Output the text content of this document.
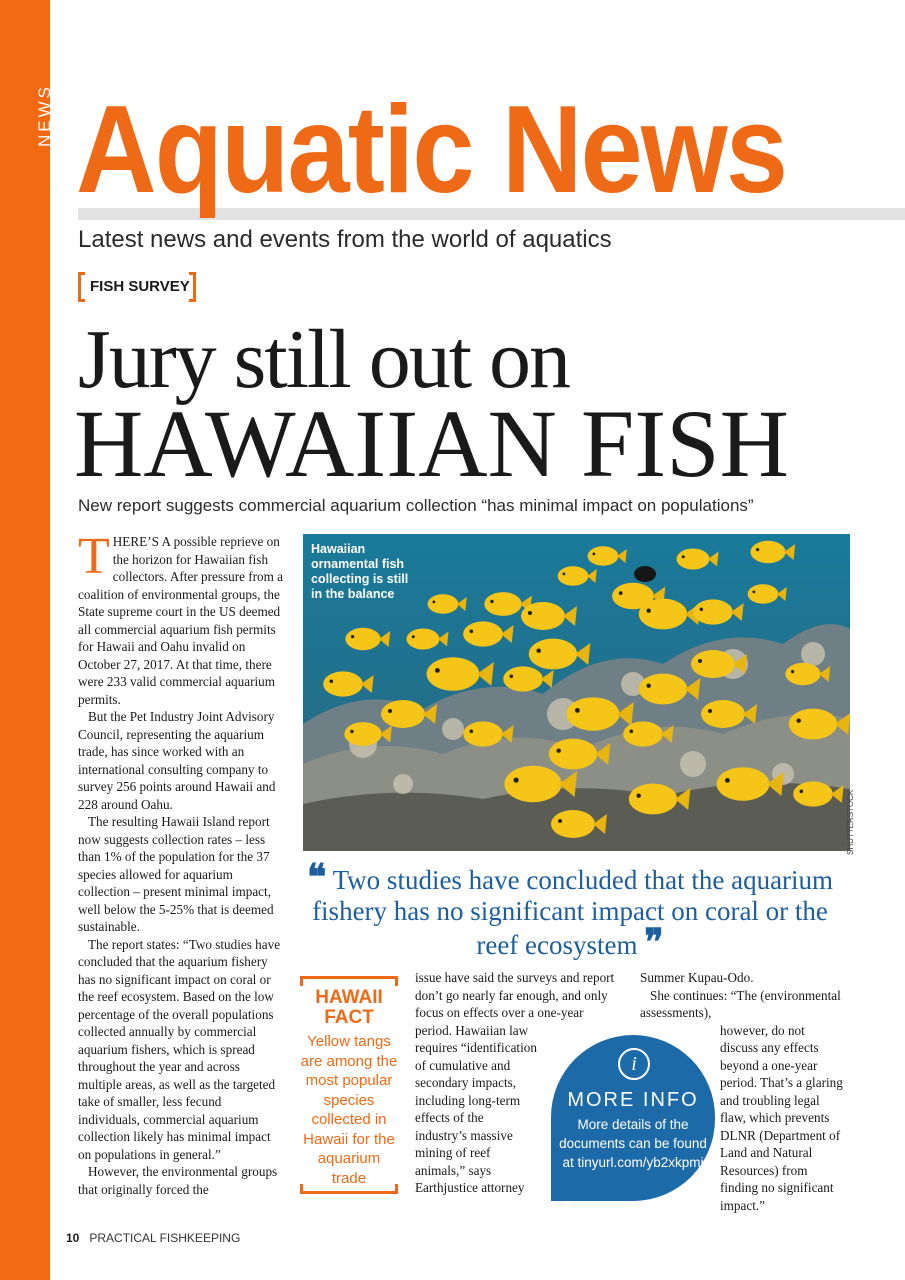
NEWS Aquatic News
Latest news and events from the world of aquatics
FISH SURVEY
Jury still out on
HAWAIIAN FISH
New report suggests commercial aquarium collection “has minimal impact on populations”

THERE’S A possible reprieve on the horizon for Hawaiian fish collectors. After pressure from a coalition of environmental groups, the State supreme court in the US deemed all commercial aquarium fish permits for Hawaii and Oahu invalid on October 27, 2017. At that time, there were 233 valid commercial aquarium permits.

But the Pet Industry Joint Advisory Council, representing the aquarium trade, has since worked with an international consulting company to survey 256 points around Hawaii and 228 around Oahu.

The resulting Hawaii Island report now suggests collection rates – less than 1% of the population for the 37 species allowed for aquarium collection – present minimal impact, well below the 5-25% that is deemed sustainable.

The report states: “Two studies have concluded that the aquarium fishery has no significant impact on coral or the reef ecosystem. Based on the low percentage of the overall populations collected annually by commercial aquarium fishers, which is spread throughout the year and across multiple areas, as well as the targeted take of smaller, less fecund individuals, commercial aquarium collection likely has minimal impact on populations in general.”

However, the environmental groups that originally forced the

Hawaiian ornamental fish collecting is still in the balance
SHUTTERSTOCK
❝ Two studies have concluded that the aquarium fishery has no significant impact on coral or the reef ecosystem ❞
HAWAII FACT
Yellow tangs are among the most popular species collected in Hawaii for the aquarium trade

issue have said the surveys and report don’t go nearly far enough, and only focus on effects over a one-year period. Hawaiian law

requires “identification of cumulative and secondary impacts, including long-term effects of the industry’s massive mining of reef animals,” says Earthjustice attorney

Summer Kupau-Odo.

She continues: “The (environmental assessments),

however, do not discuss any effects beyond a one-year period. That’s a glaring and troubling legal flaw, which prevents DLNR (Department of Land and Natural Resources) from finding no significant impact.”

i
MORE INFO
More details of the documents can be found at tinyurl.com/yb2xkpmj
10 PRACTICAL FISHKEEPING
